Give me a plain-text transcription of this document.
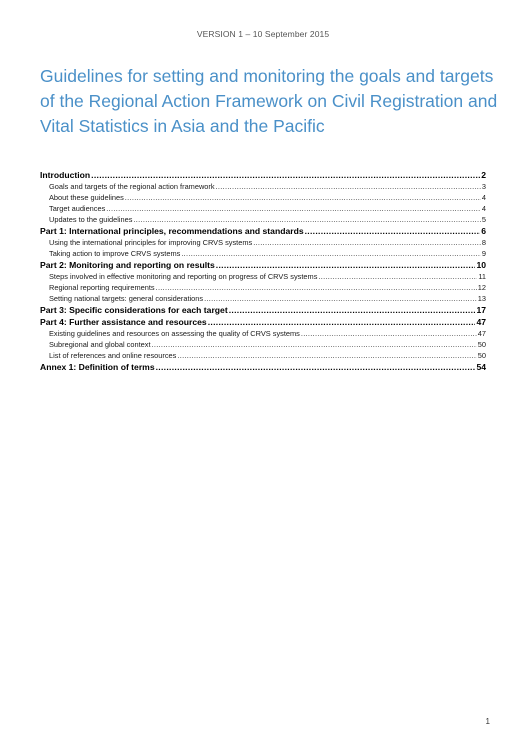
VERSION 1 – 10 September 2015
Guidelines for setting and monitoring the goals and targets of the Regional Action Framework on Civil Registration and Vital Statistics in Asia and the Pacific
Introduction .....	2
Goals and targets of the regional action framework .....	3
About these guidelines .....	4
Target audiences .....	4
Updates to the guidelines .....	5
Part 1: International principles, recommendations and standards .....	6
Using the international principles for improving CRVS systems .....	8
Taking action to improve CRVS systems .....	9
Part 2: Monitoring and reporting on results .....	10
Steps involved in effective monitoring and reporting on progress of CRVS systems .....	11
Regional reporting requirements .....	12
Setting national targets: general considerations .....	13
Part 3: Specific considerations for each target .....	17
Part 4: Further assistance and resources .....	47
Existing guidelines and resources on assessing the quality of CRVS systems .....	47
Subregional and global context .....	50
List of references and online resources .....	50
Annex 1: Definition of terms .....	54
1
